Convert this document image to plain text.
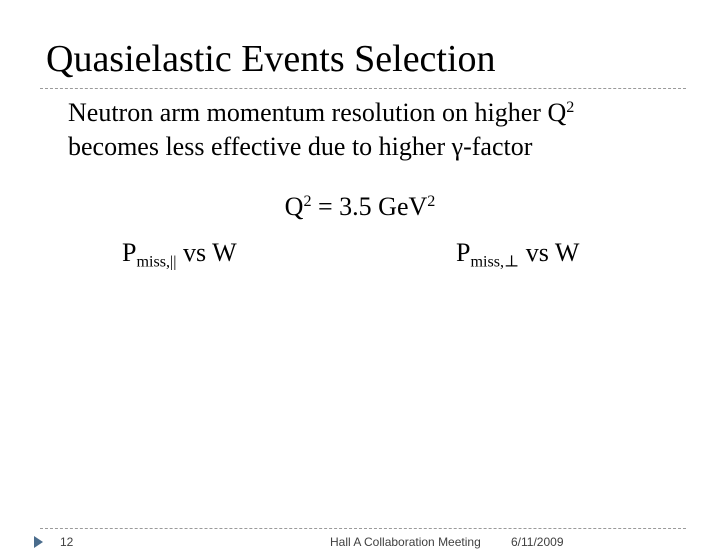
Quasielastic Events Selection
Neutron arm momentum resolution on higher $Q^2$
becomes less effective due to higher γ-factor
$Q^2 = 3.5$ GeV$^2$
$P_{miss,||}$ vs W	$P_{miss,\perp}$ vs W
12	Hall A Collaboration Meeting	6/11/2009
